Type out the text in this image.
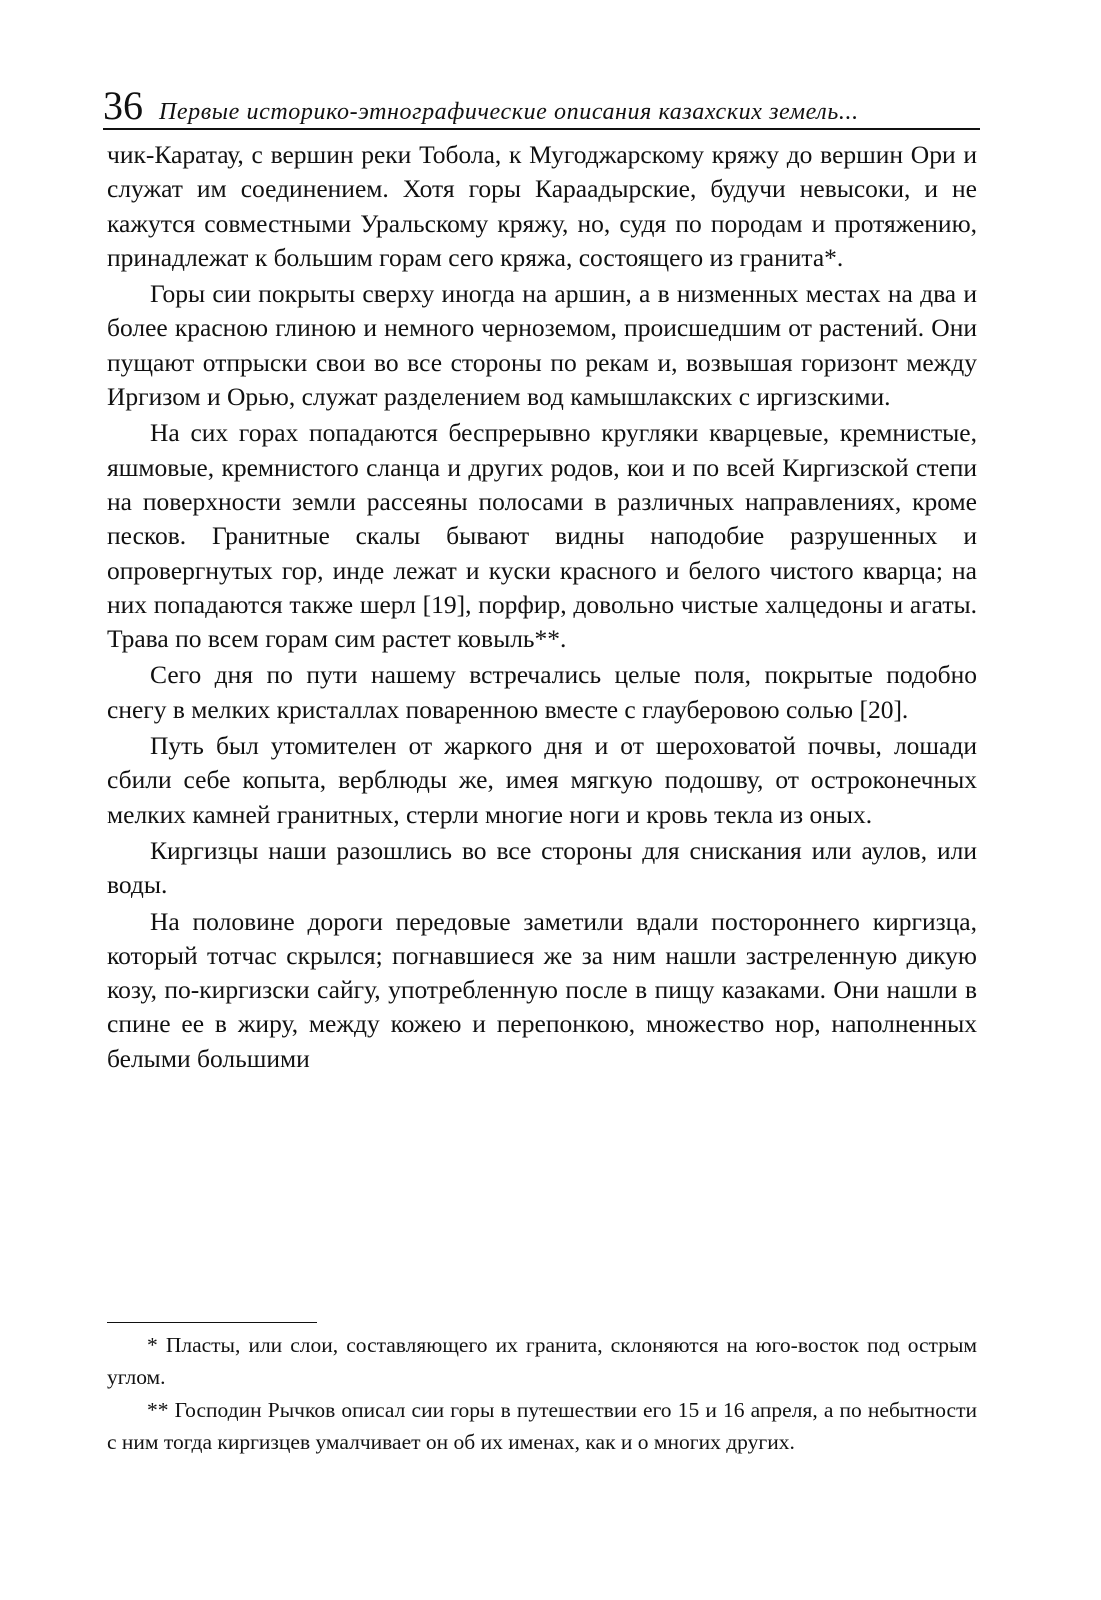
36 Первые историко-этнографические описания казахских земель...

чик-Каратау, с вершин реки Тобола, к Мугоджарскому кряжу до вершин Ори и служат им соединением. Хотя горы Караадырские, будучи невысоки, и не кажутся совместными Уральскому кряжу, но, судя по породам и протяжению, принадлежат к большим горам сего кряжа, состоящего из гранита*.

Горы сии покрыты сверху иногда на аршин, а в низменных местах на два и более красною глиною и немного черноземом, происшедшим от растений. Они пущают отпрыски свои во все стороны по рекам и, возвышая горизонт между Иргизом и Орью, служат разделением вод камышлакских с иргизскими.

На сих горах попадаются беспрерывно кругляки кварцевые, кремнистые, яшмовые, кремнистого сланца и других родов, кои и по всей Киргизской степи на поверхности земли рассеяны полосами в различных направлениях, кроме песков. Гранитные скалы бывают видны наподобие разрушенных и опровергнутых гор, инде лежат и куски красного и белого чистого кварца; на них попадаются также шерл [19], порфир, довольно чистые халцедоны и агаты. Трава по всем горам сим растет ковыль**.

Сего дня по пути нашему встречались целые поля, покрытые подобно снегу в мелких кристаллах поваренною вместе с глауберовою солью [20].

Путь был утомителен от жаркого дня и от шероховатой почвы, лошади сбили себе копыта, верблюды же, имея мягкую подошву, от остроконечных мелких камней гранитных, стерли многие ноги и кровь текла из оных.

Киргизцы наши разошлись во все стороны для снискания или аулов, или воды.

На половине дороги передовые заметили вдали постороннего киргизца, который тотчас скрылся; погнавшиеся же за ним нашли застреленную дикую козу, по-киргизски сайгу, употребленную после в пищу казаками. Они нашли в спине ее в жиру, между кожею и перепонкою, множество нор, наполненных белыми большими

* Пласты, или слои, составляющего их гранита, склоняются на юго-восток под острым углом.

** Господин Рычков описал сии горы в путешествии его 15 и 16 апреля, а по небытности с ним тогда киргизцев умалчивает он об их именах, как и о многих других.
